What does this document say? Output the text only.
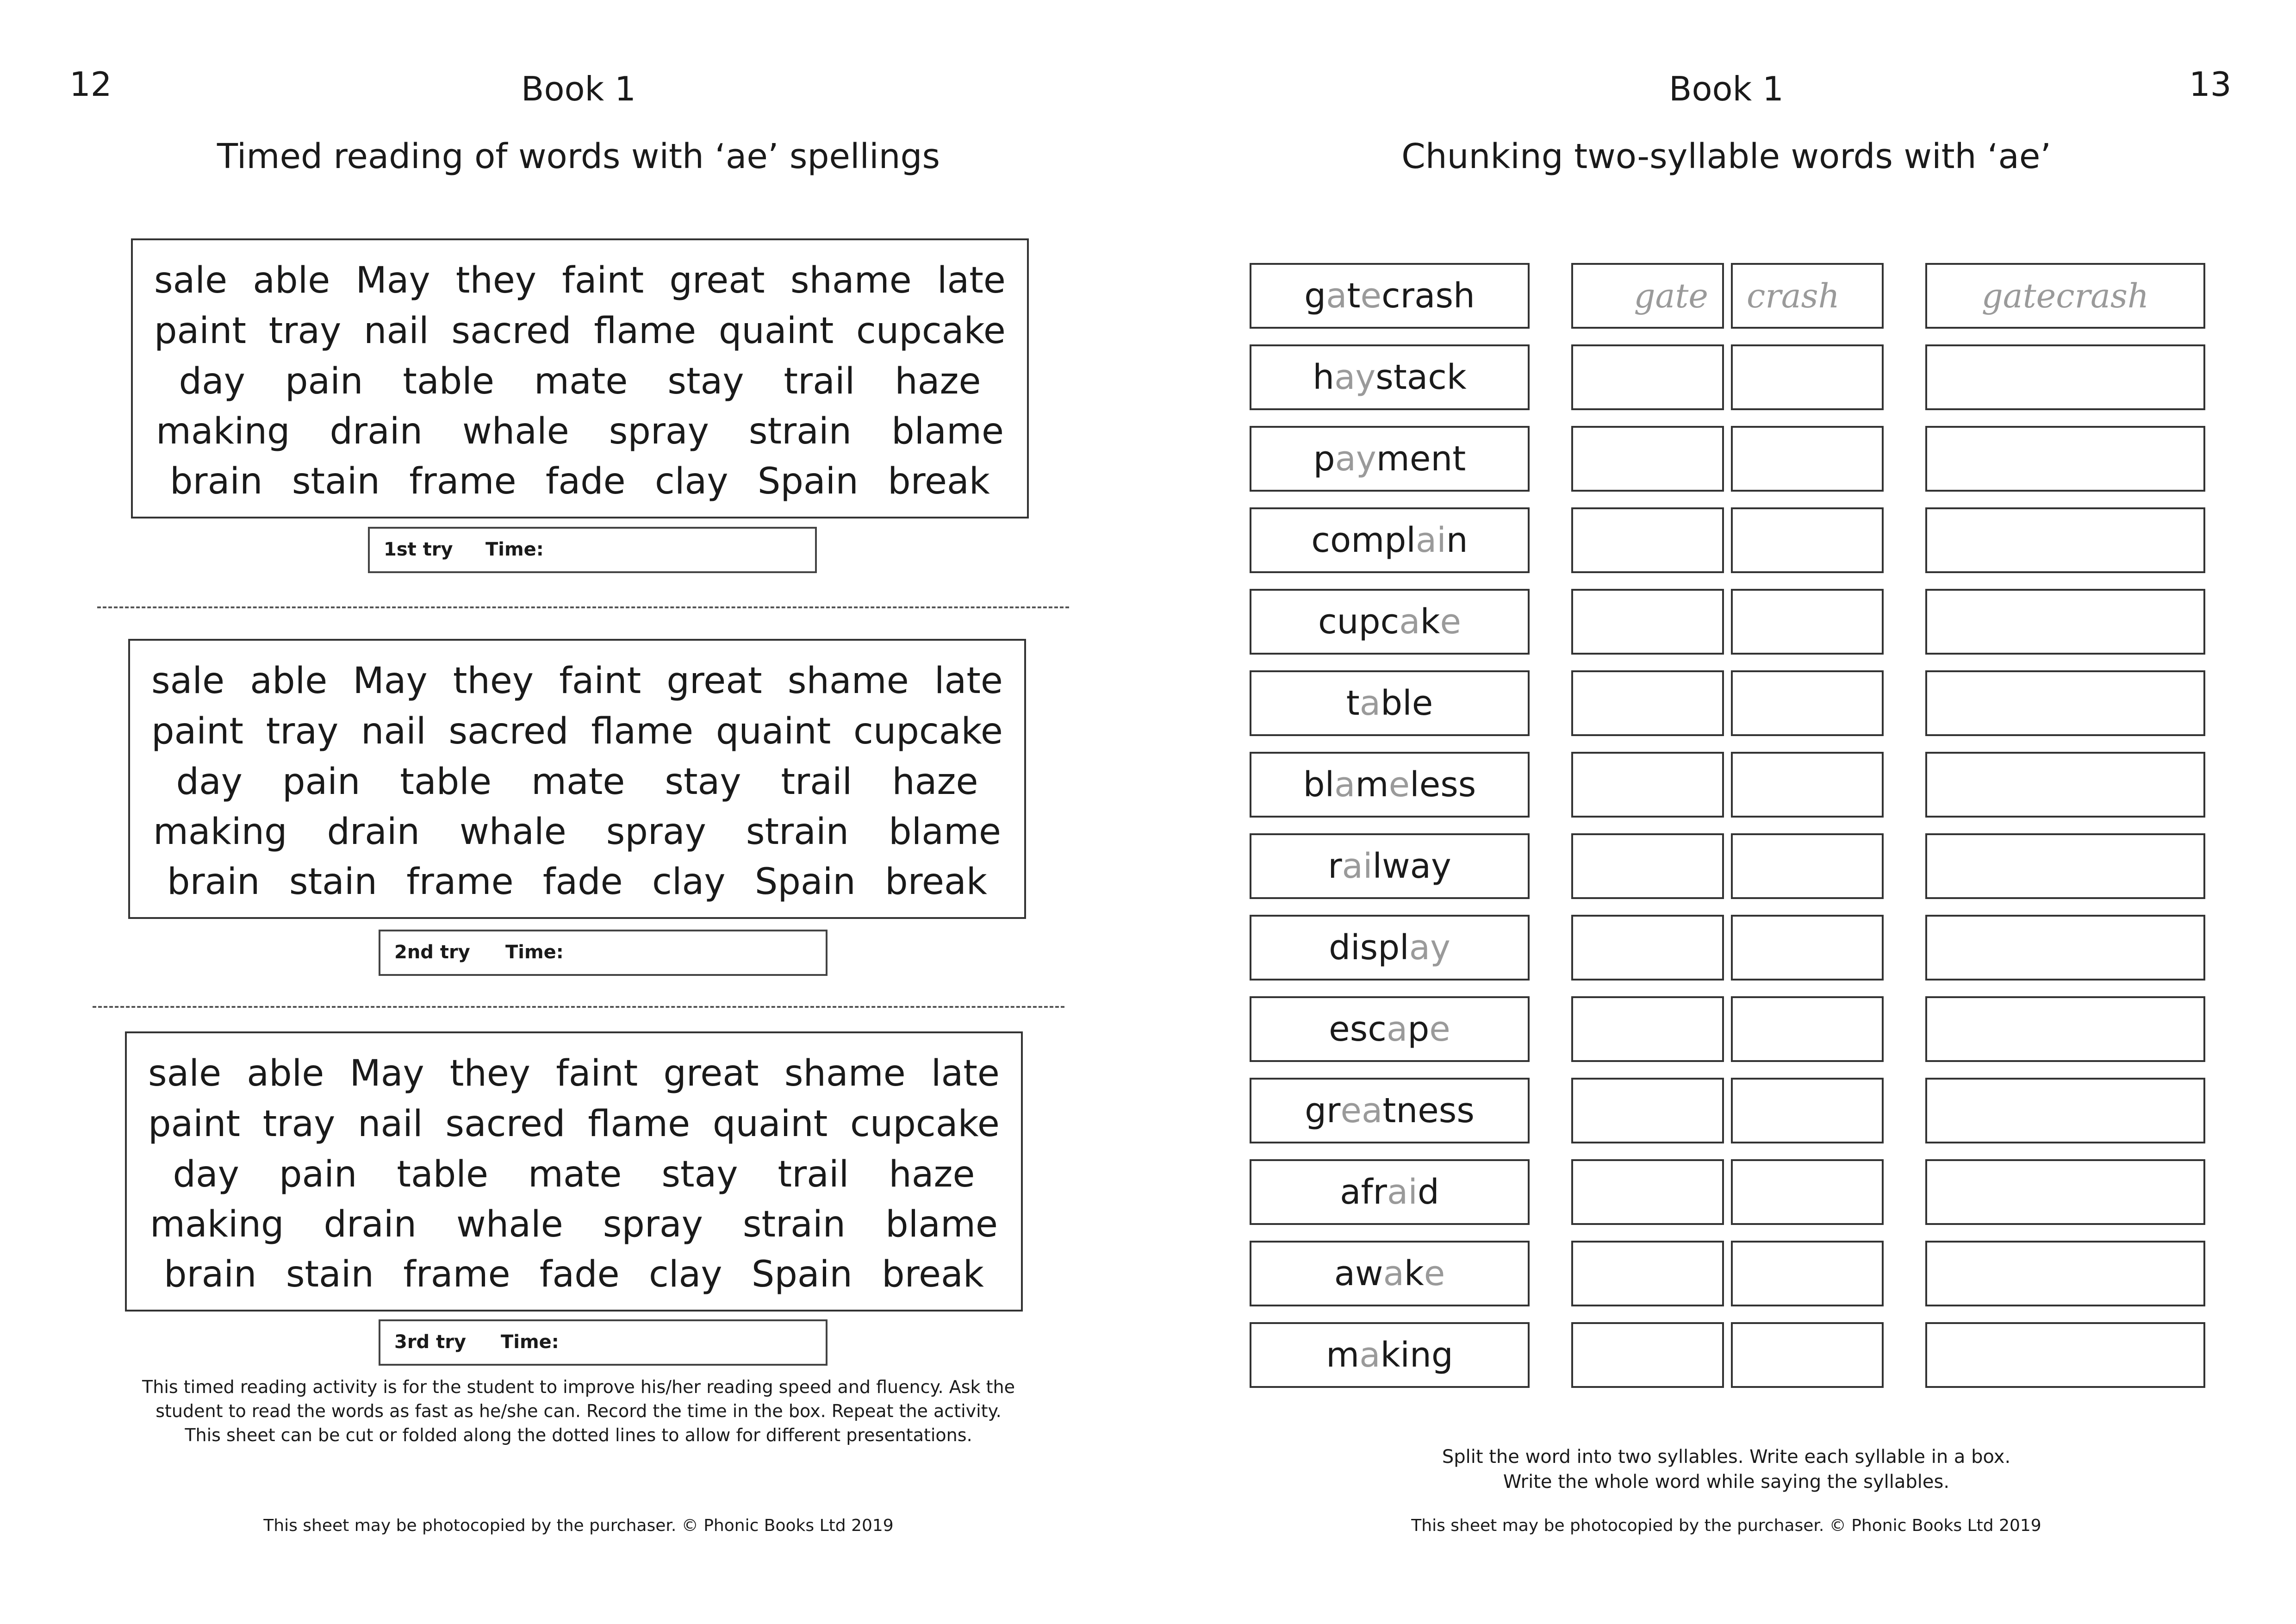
12	Book 1
Timed reading of words with ‘ae’ spellings
sale able May they faint great shame late
paint tray nail sacred flame quaint cupcake
day pain table mate stay trail haze
making drain whale spray strain blame
brain stain frame fade clay Spain break
1st try Time:
sale able May they faint great shame late
paint tray nail sacred flame quaint cupcake
day pain table mate stay trail haze
making drain whale spray strain blame
brain stain frame fade clay Spain break
2nd try Time:
sale able May they faint great shame late
paint tray nail sacred flame quaint cupcake
day pain table mate stay trail haze
making drain whale spray strain blame
brain stain frame fade clay Spain break
3rd try Time:
This timed reading activity is for the student to improve his/her reading speed and fluency. Ask the
student to read the words as fast as he/she can. Record the time in the box. Repeat the activity.
This sheet can be cut or folded along the dotted lines to allow for different presentations.
This sheet may be photocopied by the purchaser. © Phonic Books Ltd 2019
13
Book 1
Chunking two-syllable words with ‘ae’
g a t e crash	gate crash	gatecrash
h ay stack
p ay ment
compl ai n
cupc a k e
t a ble
bl a m e less
r ai lway
displ ay
esc a p e
gr ea tness
afr ai d
aw a k e
m a king
Split the word into two syllables. Write each syllable in a box.
Write the whole word while saying the syllables.
This sheet may be photocopied by the purchaser. © Phonic Books Ltd 2019
